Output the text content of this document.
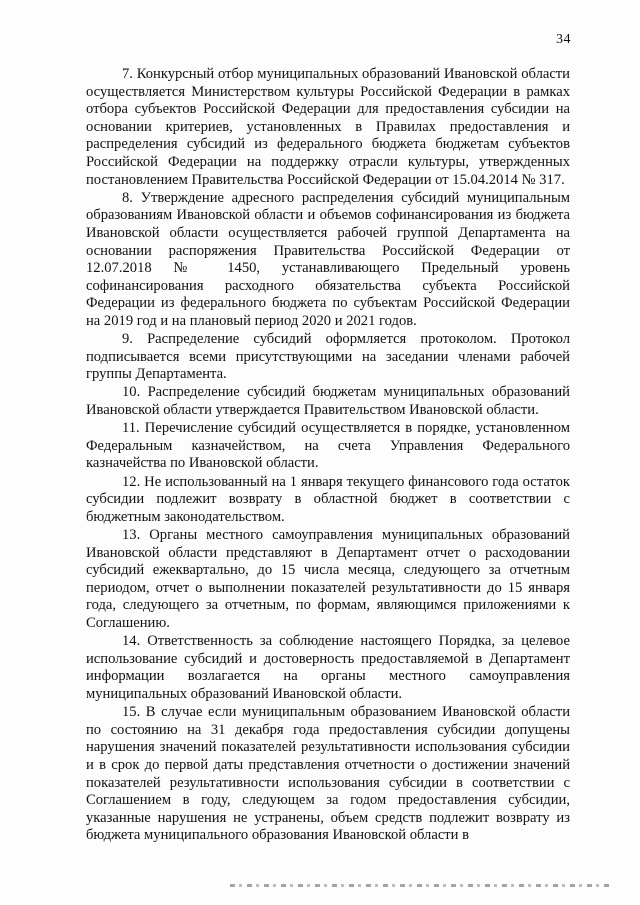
34

7. Конкурсный отбор муниципальных образований Ивановской области осуществляется Министерством культуры Российской Федерации в рамках отбора субъектов Российской Федерации для предоставления субсидии на основании критериев, установленных в Правилах предоставления и распределения субсидий из федерального бюджета бюджетам субъектов Российской Федерации на поддержку отрасли культуры, утвержденных постановлением Правительства Российской Федерации от 15.04.2014 № 317.

8. Утверждение адресного распределения субсидий муниципальным образованиям Ивановской области и объемов софинансирования из бюджета Ивановской области осуществляется рабочей группой Департамента на основании распоряжения Правительства Российской Федерации от 12.07.2018 № 1450, устанавливающего Предельный уровень софинансирования расходного обязательства субъекта Российской Федерации из федерального бюджета по субъектам Российской Федерации на 2019 год и на плановый период 2020 и 2021 годов.

9. Распределение субсидий оформляется протоколом. Протокол подписывается всеми присутствующими на заседании членами рабочей группы Департамента.

10. Распределение субсидий бюджетам муниципальных образований Ивановской области утверждается Правительством Ивановской области.

11. Перечисление субсидий осуществляется в порядке, установленном Федеральным казначейством, на счета Управления Федерального казначейства по Ивановской области.

12. Не использованный на 1 января текущего финансового года остаток субсидии подлежит возврату в областной бюджет в соответствии с бюджетным законодательством.

13. Органы местного самоуправления муниципальных образований Ивановской области представляют в Департамент отчет о расходовании субсидий ежеквартально, до 15 числа месяца, следующего за отчетным периодом, отчет о выполнении показателей результативности до 15 января года, следующего за отчетным, по формам, являющимся приложениями к Соглашению.

14. Ответственность за соблюдение настоящего Порядка, за целевое использование субсидий и достоверность предоставляемой в Департамент информации возлагается на органы местного самоуправления муниципальных образований Ивановской области.

15. В случае если муниципальным образованием Ивановской области по состоянию на 31 декабря года предоставления субсидии допущены нарушения значений показателей результативности использования субсидии и в срок до первой даты представления отчетности о достижении значений показателей результативности использования субсидии в соответствии с Соглашением в году, следующем за годом предоставления субсидии, указанные нарушения не устранены, объем средств подлежит возврату из бюджета муниципального образования Ивановской области в
